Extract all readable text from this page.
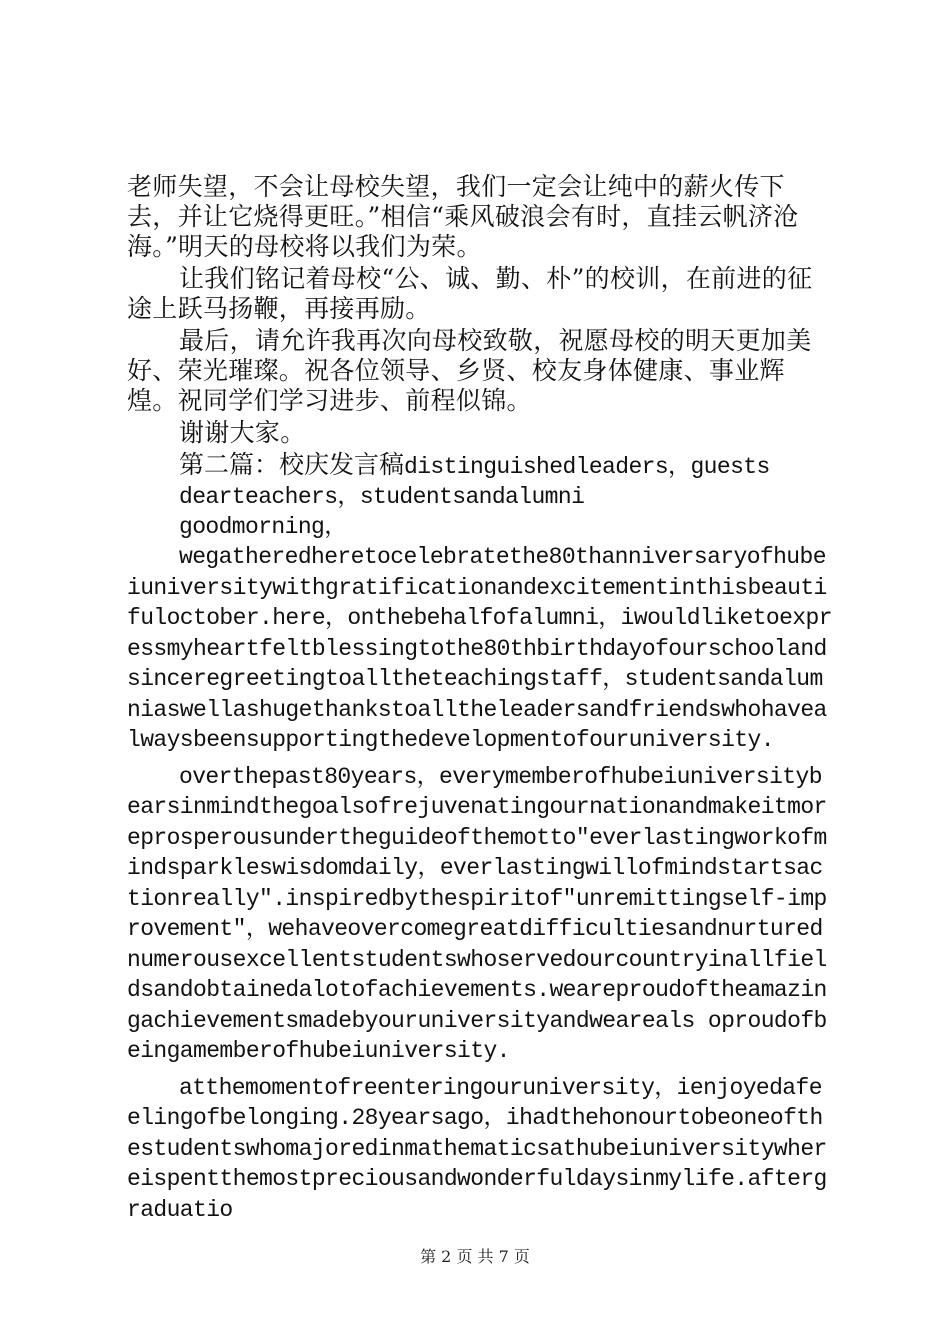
老师失望，不会让母校失望，我们一定会让纯中的薪火传下去，并让它烧得更旺。”相信“乘风破浪会有时，直挂云帆济沧海。”明天的母校将以我们为荣。

让我们铭记着母校“公、诚、勤、朴”的校训，在前进的征途上跃马扬鞭，再接再励。

最后，请允许我再次向母校致敬，祝愿母校的明天更加美好、荣光璀璨。祝各位领导、乡贤、校友身体健康、事业辉煌。祝同学们学习进步、前程似锦。

谢谢大家。

第二篇：校庆发言稿distinguishedleaders，guests

dearteachers，studentsandalumni

goodmorning，

wegatheredheretocelebratethe80thanniversaryofhubeiuniversitywithgratificationandexcitementinthisbeautifuloctober.here，onthebehalfofalumni，iwouldliketoexpressmyheartfeltblessingtothe80thbirthdayofourschoolandsinceregreetingtoalltheteachingstaff，studentsandalumniaswellashugethankstoalltheleadersandfriendswhohavealwaysbeensupportingthedevelopmentofouruniversity.

overthepast80years，everymemberofhubeiuniversitybearsinmindthegoalsofrejuvenatingournationandmakeitmoreprosperousundertheguideofthemotto"everlastingworkofmindsparkleswisdomdaily，everlastingwillofmindstartsactionreally".inspiredbythespiritof"unremittingself-improvement"，wehaveovercomegreatdifficultiesandnurturednumerousexcellentstudentswhoservedourcountryinallfieldsandobtainedalotofachievements.weareproudoftheamazingachievementsmadebyouruniversityandweareals oproudofbeingamemberofhubeiuniversity.

atthemomentofreenteringouruniversity，ienjoyedafeelingofbelonging.28yearsago，ihadthehonourtobeoneofthestudentswhomajoredinmathematicsathubeiuniversitywhereispentthemostpreciousandwonderfuldaysinmylife.aftergraduatio

第 2 页 共 7 页
